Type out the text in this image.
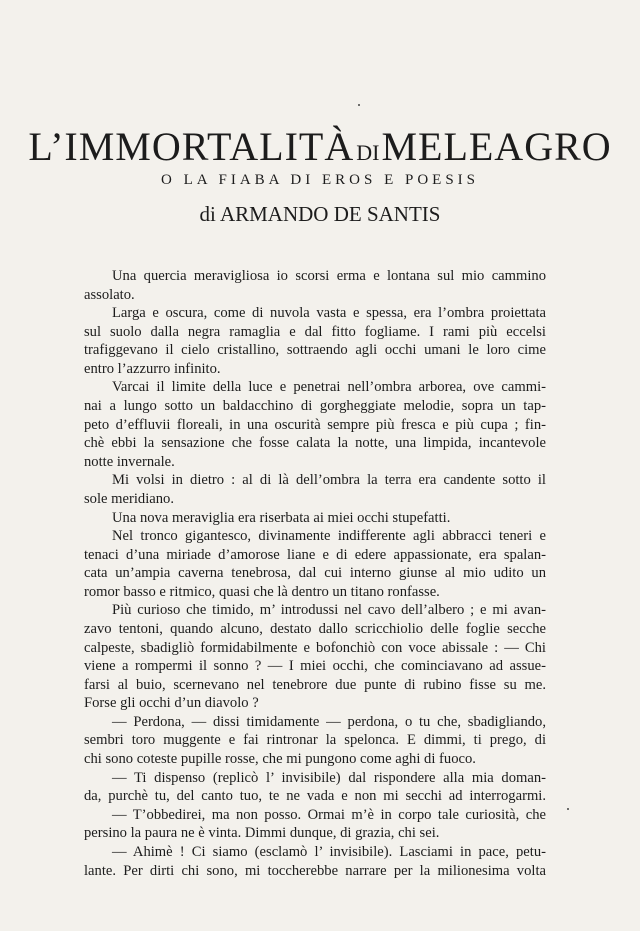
L’IMMORTALITÀDIMELEAGRO
O LA FIABA DI EROS E POESIS
di ARMANDO DE SANTIS
Una quercia meravigliosa io scorsi erma e lontana sul mio cammino
assolato.
Larga e oscura, come di nuvola vasta e spessa, era l’ombra proiettata
sul suolo dalla negra ramaglia e dal fitto fogliame. I rami più eccelsi
trafiggevano il cielo cristallino, sottraendo agli occhi umani le loro cime
entro l’azzurro infinito.
Varcai il limite della luce e penetrai nell’ombra arborea, ove cammi-
nai a lungo sotto un baldacchino di gorgheggiate melodie, sopra un tap-
peto d’effluvii floreali, in una oscurità sempre più fresca e più cupa ; fin-
chè ebbi la sensazione che fosse calata la notte, una limpida, incantevole
notte invernale.
Mi volsi in dietro : al di là dell’ombra la terra era candente sotto il
sole meridiano.
Una nova meraviglia era riserbata ai miei occhi stupefatti.
Nel tronco gigantesco, divinamente indifferente agli abbracci teneri e
tenaci d’una miriade d’amorose liane e di edere appassionate, era spalan-
cata un’ampia caverna tenebrosa, dal cui interno giunse al mio udito un
romor basso e ritmico, quasi che là dentro un titano ronfasse.
Più curioso che timido, m’ introdussi nel cavo dell’albero ; e mi avan-
zavo tentoni, quando alcuno, destato dallo scricchiolio delle foglie secche
calpeste, sbadigliò formidabilmente e bofonchiò con voce abissale : — Chi
viene a rompermi il sonno ? — I miei occhi, che cominciavano ad assue-
farsi al buio, scernevano nel tenebrore due punte di rubino fisse su me.
Forse gli occhi d’un diavolo ?
— Perdona, — dissi timidamente — perdona, o tu che, sbadigliando,
sembri toro muggente e fai rintronar la spelonca. E dimmi, ti prego, di
chi sono coteste pupille rosse, che mi pungono come aghi di fuoco.
— Ti dispenso (replicò l’ invisibile) dal rispondere alla mia doman-
da, purchè tu, del canto tuo, te ne vada e non mi secchi ad interrogarmi.
— T’obbedirei, ma non posso. Ormai m’è in corpo tale curiosità, che
persino la paura ne è vinta. Dimmi dunque, di grazia, chi sei.
— Ahimè ! Ci siamo (esclamò l’ invisibile). Lasciami in pace, petu-
lante. Per dirti chi sono, mi toccherebbe narrare per la milionesima volta
